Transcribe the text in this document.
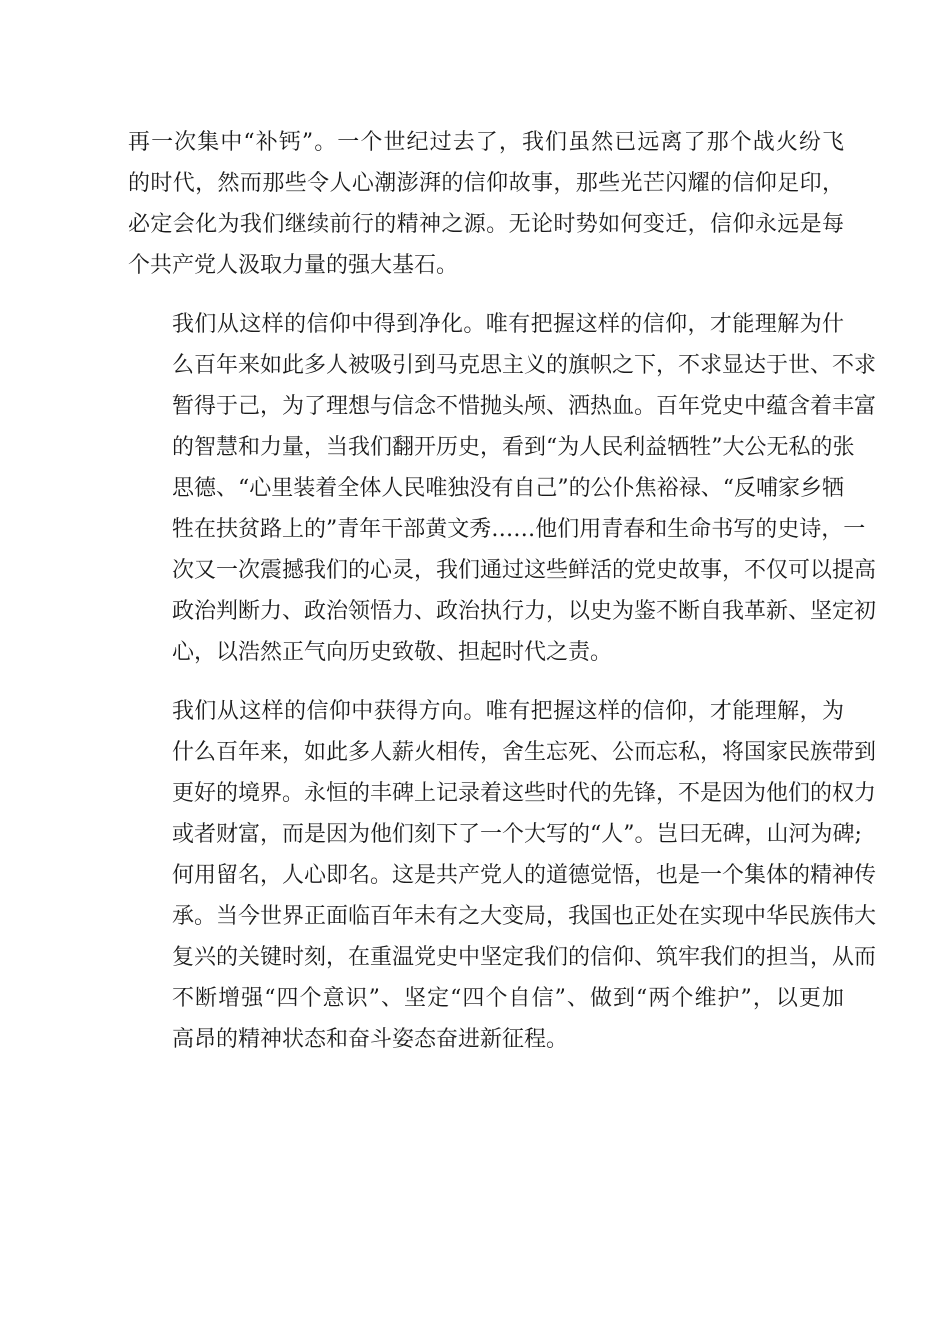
再一次集中“补钙”。一个世纪过去了，我们虽然已远离了那个战火纷飞
的时代，然而那些令人心潮澎湃的信仰故事，那些光芒闪耀的信仰足印，
必定会化为我们继续前行的精神之源。无论时势如何变迁，信仰永远是每
个共产党人汲取力量的强大基石。

我们从这样的信仰中得到净化。唯有把握这样的信仰，才能理解为什
么百年来如此多人被吸引到马克思主义的旗帜之下，不求显达于世、不求
暂得于己，为了理想与信念不惜抛头颅、洒热血。百年党史中蕴含着丰富
的智慧和力量，当我们翻开历史，看到“为人民利益牺牲”大公无私的张
思德、“心里装着全体人民唯独没有自己”的公仆焦裕禄、“反哺家乡牺
牲在扶贫路上的”青年干部黄文秀……他们用青春和生命书写的史诗，一
次又一次震撼我们的心灵，我们通过这些鲜活的党史故事，不仅可以提高
政治判断力、政治领悟力、政治执行力，以史为鉴不断自我革新、坚定初
心，以浩然正气向历史致敬、担起时代之责。

我们从这样的信仰中获得方向。唯有把握这样的信仰，才能理解，为
什么百年来，如此多人薪火相传，舍生忘死、公而忘私，将国家民族带到
更好的境界。永恒的丰碑上记录着这些时代的先锋，不是因为他们的权力
或者财富，而是因为他们刻下了一个大写的“人”。岂曰无碑，山河为碑;
何用留名，人心即名。这是共产党人的道德觉悟，也是一个集体的精神传
承。当今世界正面临百年未有之大变局，我国也正处在实现中华民族伟大
复兴的关键时刻，在重温党史中坚定我们的信仰、筑牢我们的担当，从而
不断增强“四个意识”、坚定“四个自信”、做到“两个维护”，以更加
高昂的精神状态和奋斗姿态奋进新征程。
